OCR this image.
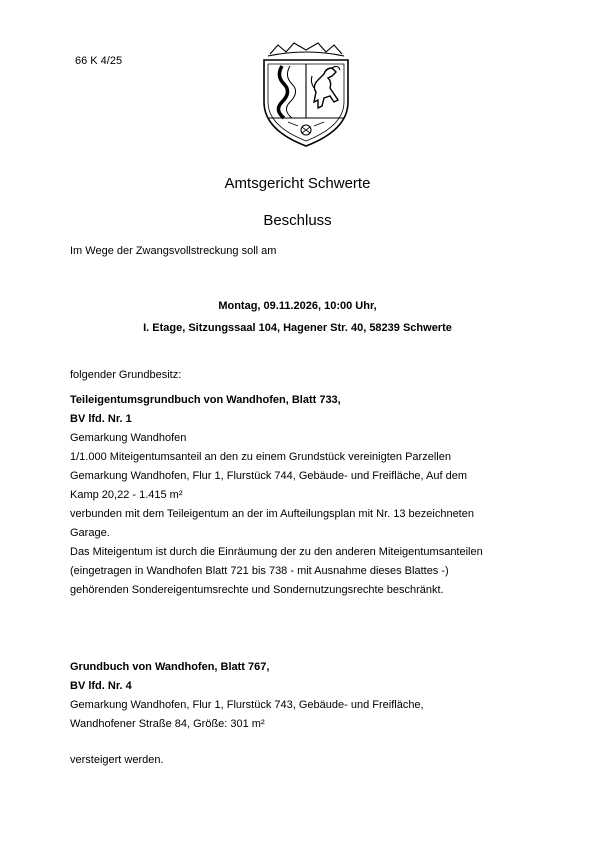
66 K 4/25
Amtsgericht Schwerte
Beschluss
Im Wege der Zwangsvollstreckung soll am
Montag, 09.11.2026, 10:00 Uhr,
I. Etage, Sitzungssaal 104, Hagener Str. 40, 58239 Schwerte
folgender Grundbesitz:
Teileigentumsgrundbuch von Wandhofen, Blatt 733,
BV lfd. Nr. 1
Gemarkung Wandhofen
1/1.000 Miteigentumsanteil an den zu einem Grundstück vereinigten Parzellen
Gemarkung Wandhofen, Flur 1, Flurstück 744, Gebäude- und Freifläche, Auf dem
Kamp 20,22 - 1.415 m²
verbunden mit dem Teileigentum an der im Aufteilungsplan mit Nr. 13 bezeichneten
Garage.
Das Miteigentum ist durch die Einräumung der zu den anderen Miteigentumsanteilen
(eingetragen in Wandhofen Blatt 721 bis 738 - mit Ausnahme dieses Blattes -)
gehörenden Sondereigentumsrechte und Sondernutzungsrechte beschränkt.
Grundbuch von Wandhofen, Blatt 767,
BV lfd. Nr. 4
Gemarkung Wandhofen, Flur 1, Flurstück 743, Gebäude- und Freifläche,
Wandhofener Straße 84, Größe: 301 m²
versteigert werden.
